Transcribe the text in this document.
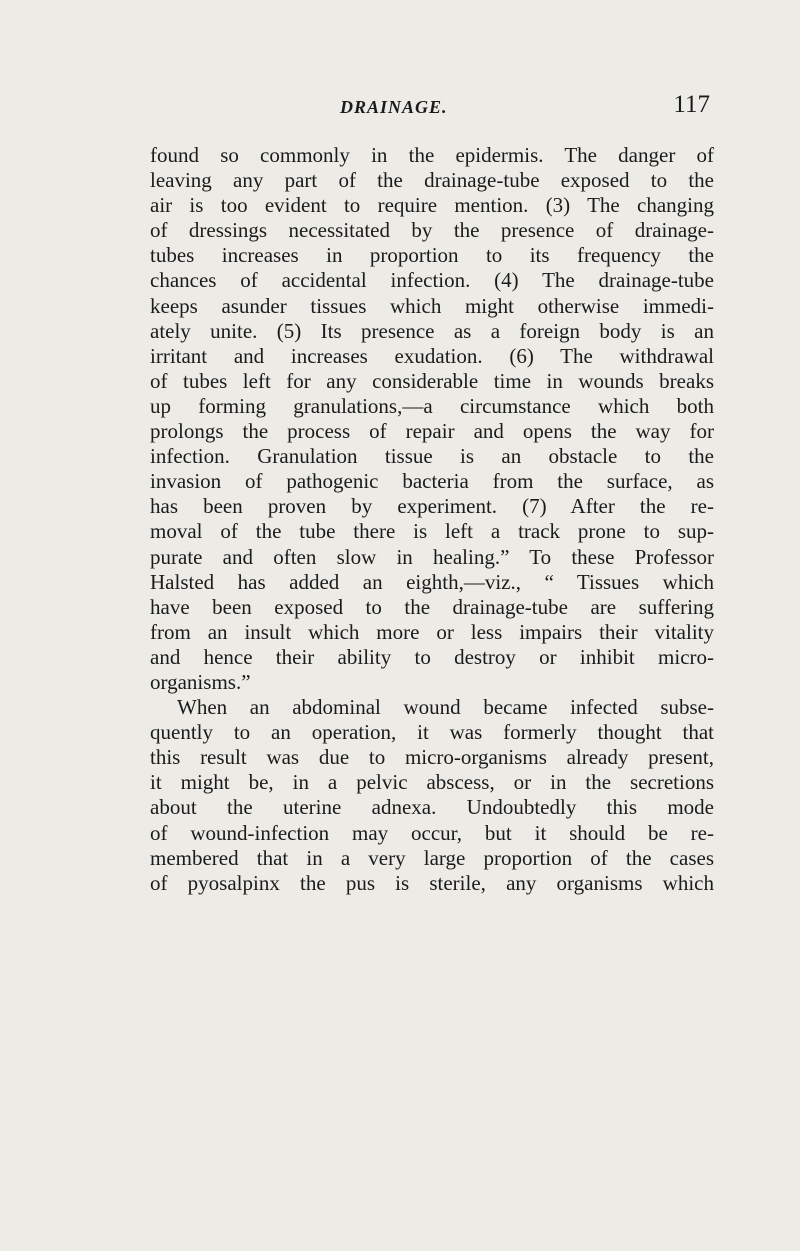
DRAINAGE.	117
found so commonly in the epidermis. The danger of
leaving any part of the drainage-tube exposed to the
air is too evident to require mention. (3) The changing
of dressings necessitated by the presence of drainage-
tubes increases in proportion to its frequency the
chances of accidental infection. (4) The drainage-tube
keeps asunder tissues which might otherwise immedi-
ately unite. (5) Its presence as a foreign body is an
irritant and increases exudation. (6) The withdrawal
of tubes left for any considerable time in wounds breaks
up forming granulations,—a circumstance which both
prolongs the process of repair and opens the way for
infection. Granulation tissue is an obstacle to the
invasion of pathogenic bacteria from the surface, as
has been proven by experiment. (7) After the re-
moval of the tube there is left a track prone to sup-
purate and often slow in healing.” To these Professor
Halsted has added an eighth,—viz., “ Tissues which
have been exposed to the drainage-tube are suffering
from an insult which more or less impairs their vitality
and hence their ability to destroy or inhibit micro-
organisms.”
When an abdominal wound became infected subse-
quently to an operation, it was formerly thought that
this result was due to micro-organisms already present,
it might be, in a pelvic abscess, or in the secretions
about the uterine adnexa. Undoubtedly this mode
of wound-infection may occur, but it should be re-
membered that in a very large proportion of the cases
of pyosalpinx the pus is sterile, any organisms which
